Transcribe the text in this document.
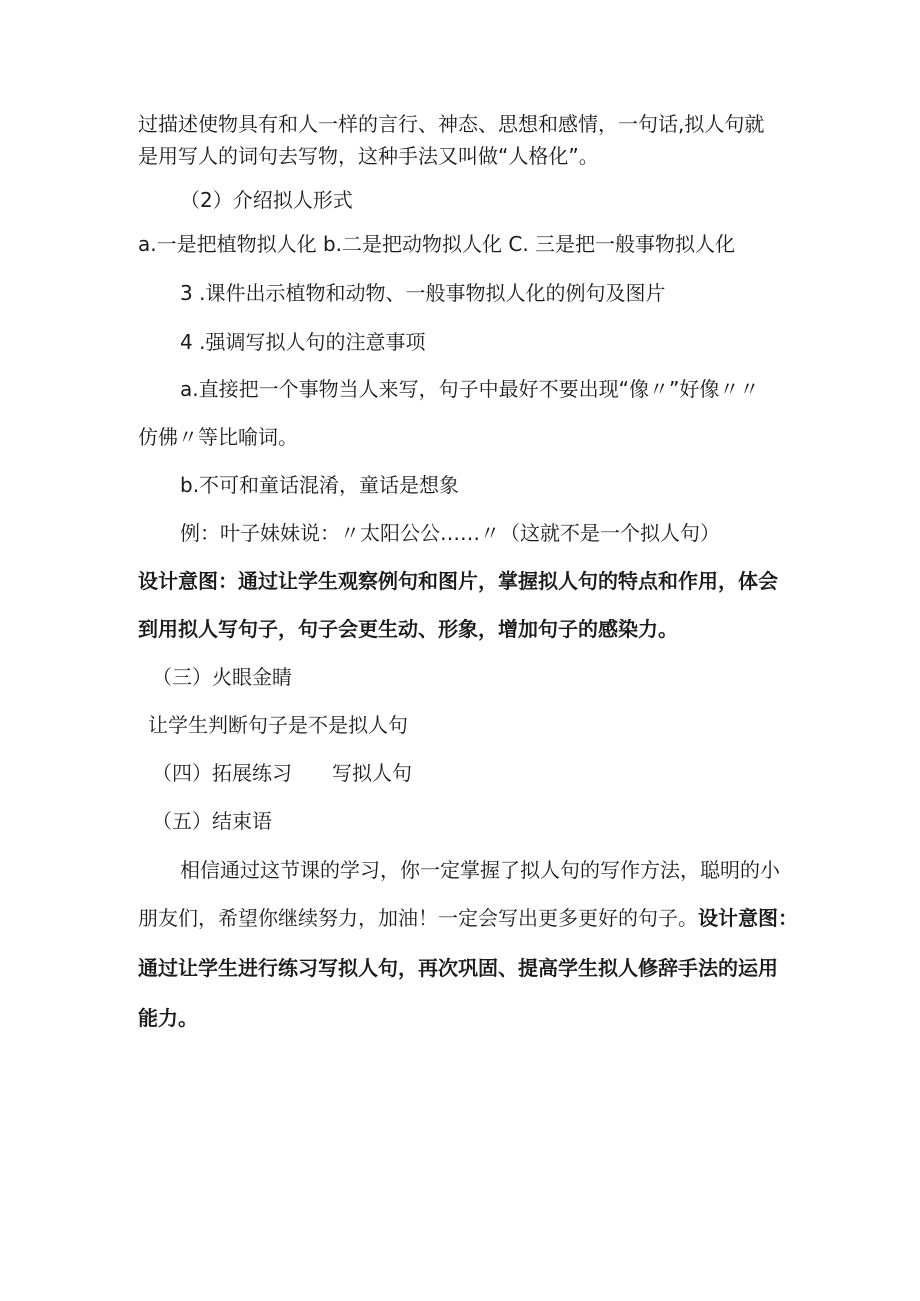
过描述使物具有和人一样的言行、神态、思想和感情，一句话,拟人句就
是用写人的词句去写物，这种手法又叫做“人格化”。
（2）介绍拟人形式
a.一是把植物拟人化 b.二是把动物拟人化 C. 三是把一般事物拟人化
3 .课件出示植物和动物、一般事物拟人化的例句及图片
4 .强调写拟人句的注意事项
a.直接把一个事物当人来写，句子中最好不要出现“像〃”好像〃〃
仿佛〃等比喻词。
b.不可和童话混淆，童话是想象
例：叶子妹妹说：〃太阳公公……〃（这就不是一个拟人句）
设计意图：通过让学生观察例句和图片，掌握拟人句的特点和作用，体会
到用拟人写句子，句子会更生动、形象，增加句子的感染力。
（三）火眼金睛
让学生判断句子是不是拟人句
（四）拓展练习 写拟人句
（五）结束语
相信通过这节课的学习，你一定掌握了拟人句的写作方法，聪明的小
朋友们，希望你继续努力，加油！一定会写出更多更好的句子。设计意图：
通过让学生进行练习写拟人句，再次巩固、提高学生拟人修辞手法的运用
能力。
